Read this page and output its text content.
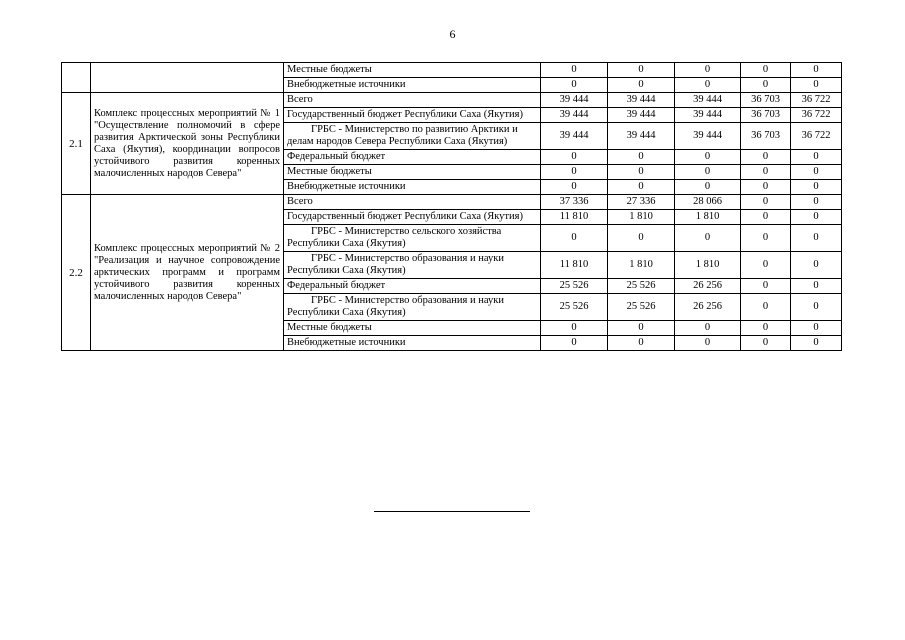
6
		Местные бюджеты	0	0	0	0	0
		Внебюджетные источники	0	0	0	0	0
2.1	Комплекс процессных мероприятий № 1 "Осуществление полномочий в сфере развития Арктической зоны Республики Саха (Якутия), координации вопросов устойчивого развития коренных малочисленных народов Севера"	Всего	39 444	39 444	39 444	36 703	36 722
		Государственный бюджет Республики Саха (Якутия)	39 444	39 444	39 444	36 703	36 722
		ГРБС - Министерство по развитию Арктики и делам народов Севера Республики Саха (Якутия)	39 444	39 444	39 444	36 703	36 722
		Федеральный бюджет	0	0	0	0	0
		Местные бюджеты	0	0	0	0	0
		Внебюджетные источники	0	0	0	0	0
2.2	Комплекс процессных мероприятий № 2 "Реализация и научное сопровождение арктических программ и программ устойчивого развития коренных малочисленных народов Севера"	Всего	37 336	27 336	28 066	0	0
		Государственный бюджет Республики Саха (Якутия)	11 810	1 810	1 810	0	0
		ГРБС - Министерство сельского хозяйства Республики Саха (Якутия)	0	0	0	0	0
		ГРБС - Министерство образования и науки Республики Саха (Якутия)	11 810	1 810	1 810	0	0
		Федеральный бюджет	25 526	25 526	26 256	0	0
		ГРБС - Министерство образования и науки Республики Саха (Якутия)	25 526	25 526	26 256	0	0
		Местные бюджеты	0	0	0	0	0
		Внебюджетные источники	0	0	0	0	0
